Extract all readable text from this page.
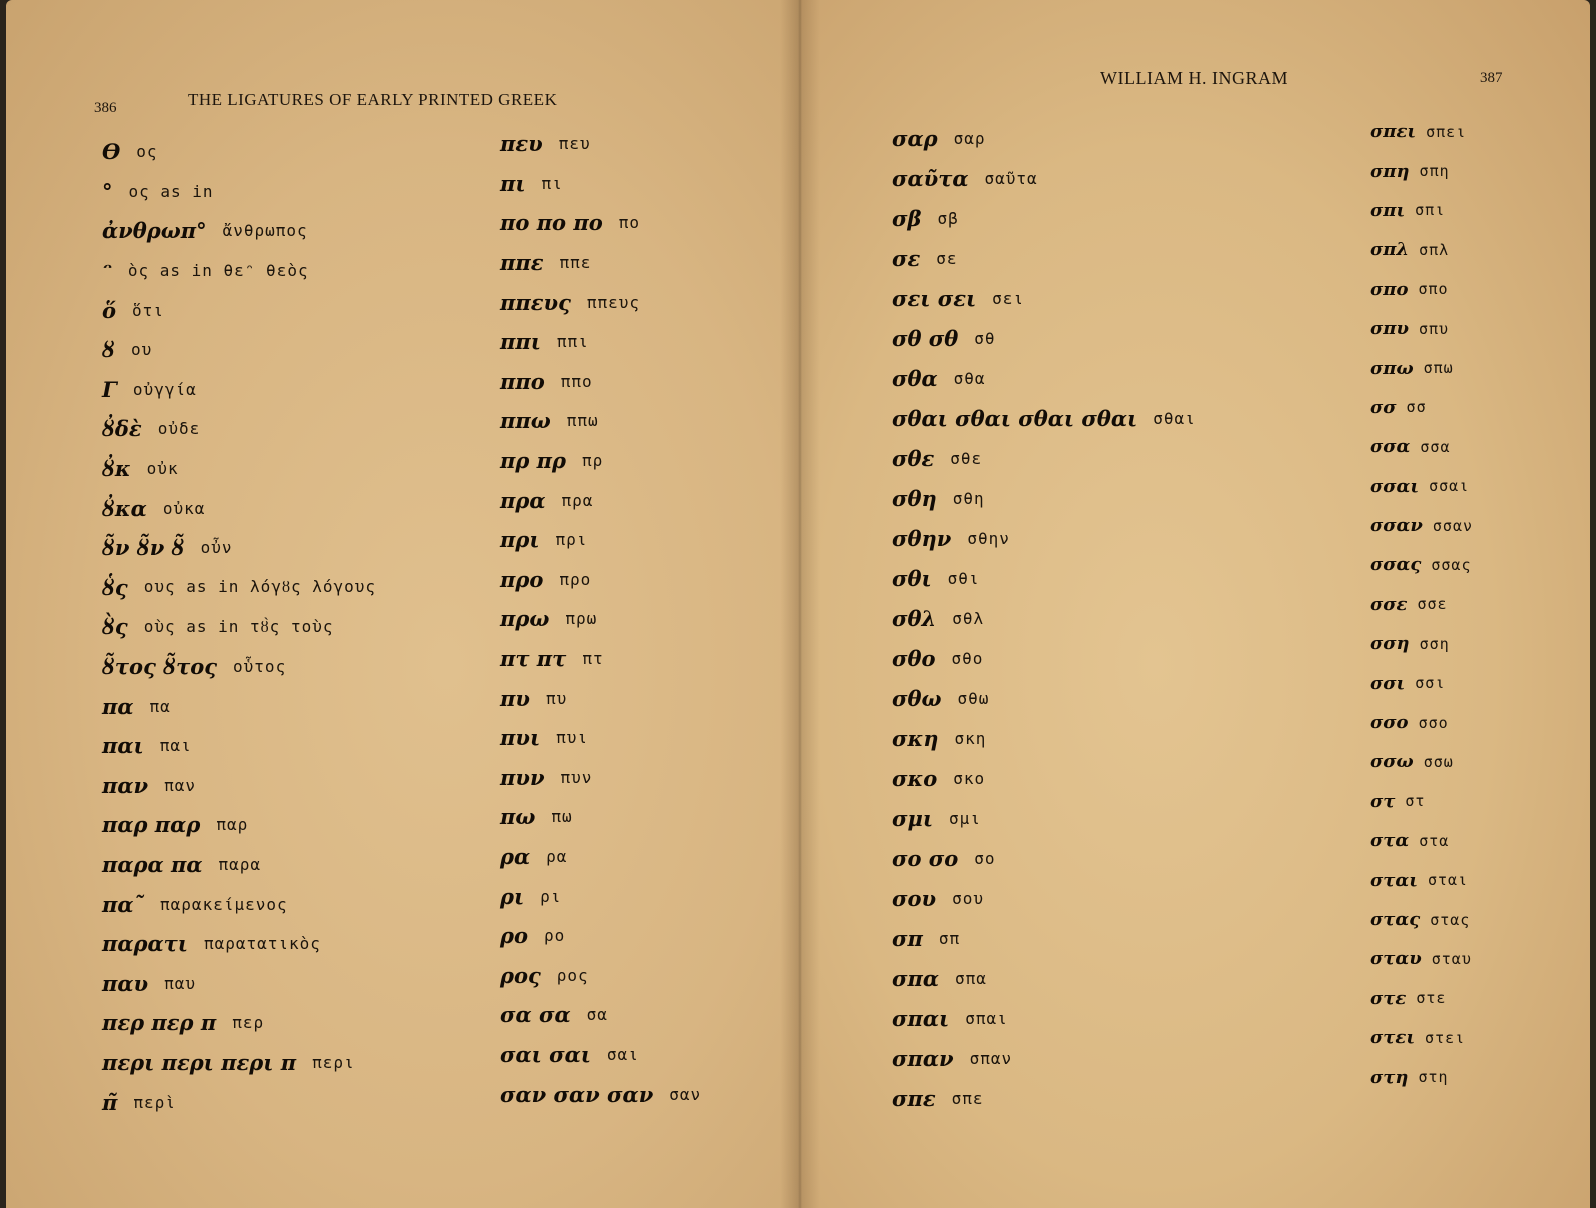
386	THE LIGATURES OF EARLY PRINTED GREEK
ϴ ος
° ος as in
ἀνθρωπ° ἄνθρωπος
ᵔ ὸς as in θεᵔ θεὸς
ὅ ὅτι
ȣ ου
Γ οὐγγία
ȣ̓δὲ οὐδε
ȣ̓κ οὐκ
ȣ̓κα οὐκα
ȣ̃ν ȣ̃ν ȣ̃ οὖν
ȣ̔ς ους as in λόγȣς λόγους
ȣ̀ς οὺς as in τȣ̀ς τοὺς
ȣ̃τος ȣ̃τος οὗτος
πα πα
παι παι
παν παν
παρ παρ παρ
παρα πα παρα
πα˜ παρακείμενος
παρατι παρατατικὸς
παυ παυ
περ περ π περ
περι περι περι π περι
π̃ περὶ
πευ πευ
πι πι
πο πο πο πο
ππε ππε
ππευς ππευς
ππι ππι
ππο ππο
ππω ππω
πρ πρ πρ
πρα πρα
πρι πρι
προ προ
πρω πρω
πτ πτ πτ
πυ πυ
πυι πυι
πυν πυν
πω πω
ρα ρα
ρι ρι
ρο ρο
ρος ρος
σα σα σα
σαι σαι σαι
σαν σαν σαν σαν
WILLIAM H. INGRAM	387
σαρ σαρ
σαῦτα σαῦτα
σβ σβ
σε σε
σει σει σει
σθ σθ σθ
σθα σθα
σθαι σθαι σθαι σθαι σθαι
σθε σθε
σθη σθη
σθην σθην
σθι σθι
σθλ σθλ
σθο σθο
σθω σθω
σκη σκη
σκο σκο
σμι σμι
σο σο σο
σου σου
σπ σπ
σπα σπα
σπαι σπαι
σπαν σπαν
σπε σπε
σπει σπει
σπη σπη
σπι σπι
σπλ σπλ
σπο σπο
σπυ σπυ
σπω σπω
σσ σσ
σσα σσα
σσαι σσαι
σσαν σσαν
σσας σσας
σσε σσε
σση σση
σσι σσι
σσο σσο
σσω σσω
στ στ
στα στα
σται σται
στας στας
σταυ σταυ
στε στε
στει στει
στη στη
